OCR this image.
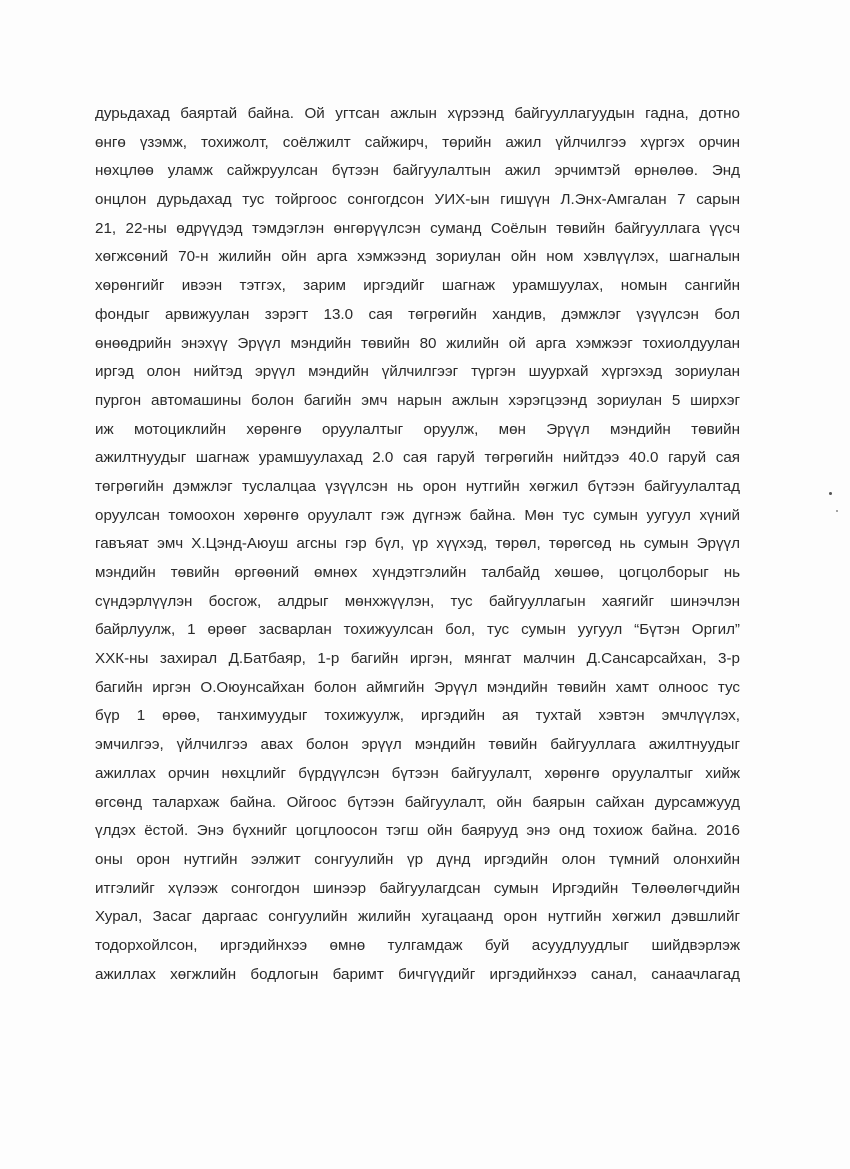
дурьдахад баяртай байна. Ой угтсан ажлын хүрээнд байгууллагуудын гадна, дотно
өнгө үзэмж, тохижолт, соёлжилт сайжирч, төрийн ажил үйлчилгээ хүргэх орчин
нөхцлөө уламж сайжруулсан бүтээн байгуулалтын ажил эрчимтэй өрнөлөө. Энд
онцлон дурьдахад тус тойргоос сонгогдсон УИХ-ын гишүүн Л.Энх-Амгалан 7 сарын
21, 22-ны өдрүүдэд тэмдэглэн өнгөрүүлсэн суманд Соёлын төвийн байгууллага үүсч
хөгжсөний 70-н жилийн ойн арга хэмжээнд зориулан ойн ном хэвлүүлэх, шагналын
хөрөнгийг ивээн тэтгэх, зарим иргэдийг шагнаж урамшуулах, номын сангийн
фондыг арвижуулан зэрэгт 13.0 сая төгрөгийн хандив, дэмжлэг үзүүлсэн бол
өнөөдрийн энэхүү Эрүүл мэндийн төвийн 80 жилийн ой арга хэмжээг тохиолдуулан
иргэд олон нийтэд эрүүл мэндийн үйлчилгээг түргэн шуурхай хүргэхэд зориулан
пургон автомашины болон багийн эмч нарын ажлын хэрэгцээнд зориулан 5 ширхэг
иж мотоциклийн хөрөнгө оруулалтыг оруулж, мөн Эрүүл мэндийн төвийн
ажилтнуудыг шагнаж урамшуулахад 2.0 сая гаруй төгрөгийн нийтдээ 40.0 гаруй сая
төгрөгийн дэмжлэг туслалцаа үзүүлсэн нь орон нутгийн хөгжил бүтээн байгуулалтад
оруулсан томоохон хөрөнгө оруулалт гэж дүгнэж байна. Мөн тус сумын уугуул хүний
гавъяат эмч Х.Цэнд-Аюуш агсны гэр бүл, үр хүүхэд, төрөл, төрөгсөд нь сумын Эрүүл
мэндийн төвийн өргөөний өмнөх хүндэтгэлийн талбайд хөшөө, цогцолборыг нь
сүндэрлүүлэн босгож, алдрыг мөнхжүүлэн, тус байгууллагын хаягийг шинэчлэн
байрлуулж, 1 өрөөг засварлан тохижуулсан бол, тус сумын уугуул “Бүтэн Оргил”
ХХК-ны захирал Д.Батбаяр, 1-р багийн иргэн, мянгат малчин Д.Сансарсайхан, 3-р
багийн иргэн О.Оюунсайхан болон аймгийн Эрүүл мэндийн төвийн хамт олноос тус
бүр 1 өрөө, танхимуудыг тохижуулж, иргэдийн ая тухтай хэвтэн эмчлүүлэх,
эмчилгээ, үйлчилгээ авах болон эрүүл мэндийн төвийн байгууллага ажилтнуудыг
ажиллах орчин нөхцлийг бүрдүүлсэн бүтээн байгуулалт, хөрөнгө оруулалтыг хийж
өгсөнд талархаж байна. Ойгоос бүтээн байгуулалт, ойн баярын сайхан дурсамжууд
үлдэх ёстой. Энэ бүхнийг цогцлоосон тэгш ойн баярууд энэ онд тохиож байна. 2016
оны орон нутгийн ээлжит сонгуулийн үр дүнд иргэдийн олон түмний олонхийн
итгэлийг хүлээж сонгогдон шинээр байгуулагдсан сумын Иргэдийн Төлөөлөгчдийн
Хурал, Засаг даргаас сонгуулийн жилийн хугацаанд орон нутгийн хөгжил дэвшлийг
тодорхойлсон, иргэдийнхээ өмнө тулгамдаж буй асуудлуудлыг шийдвэрлэж
ажиллах хөгжлийн бодлогын баримт бичгүүдийг иргэдийнхээ санал, санаачлагад
